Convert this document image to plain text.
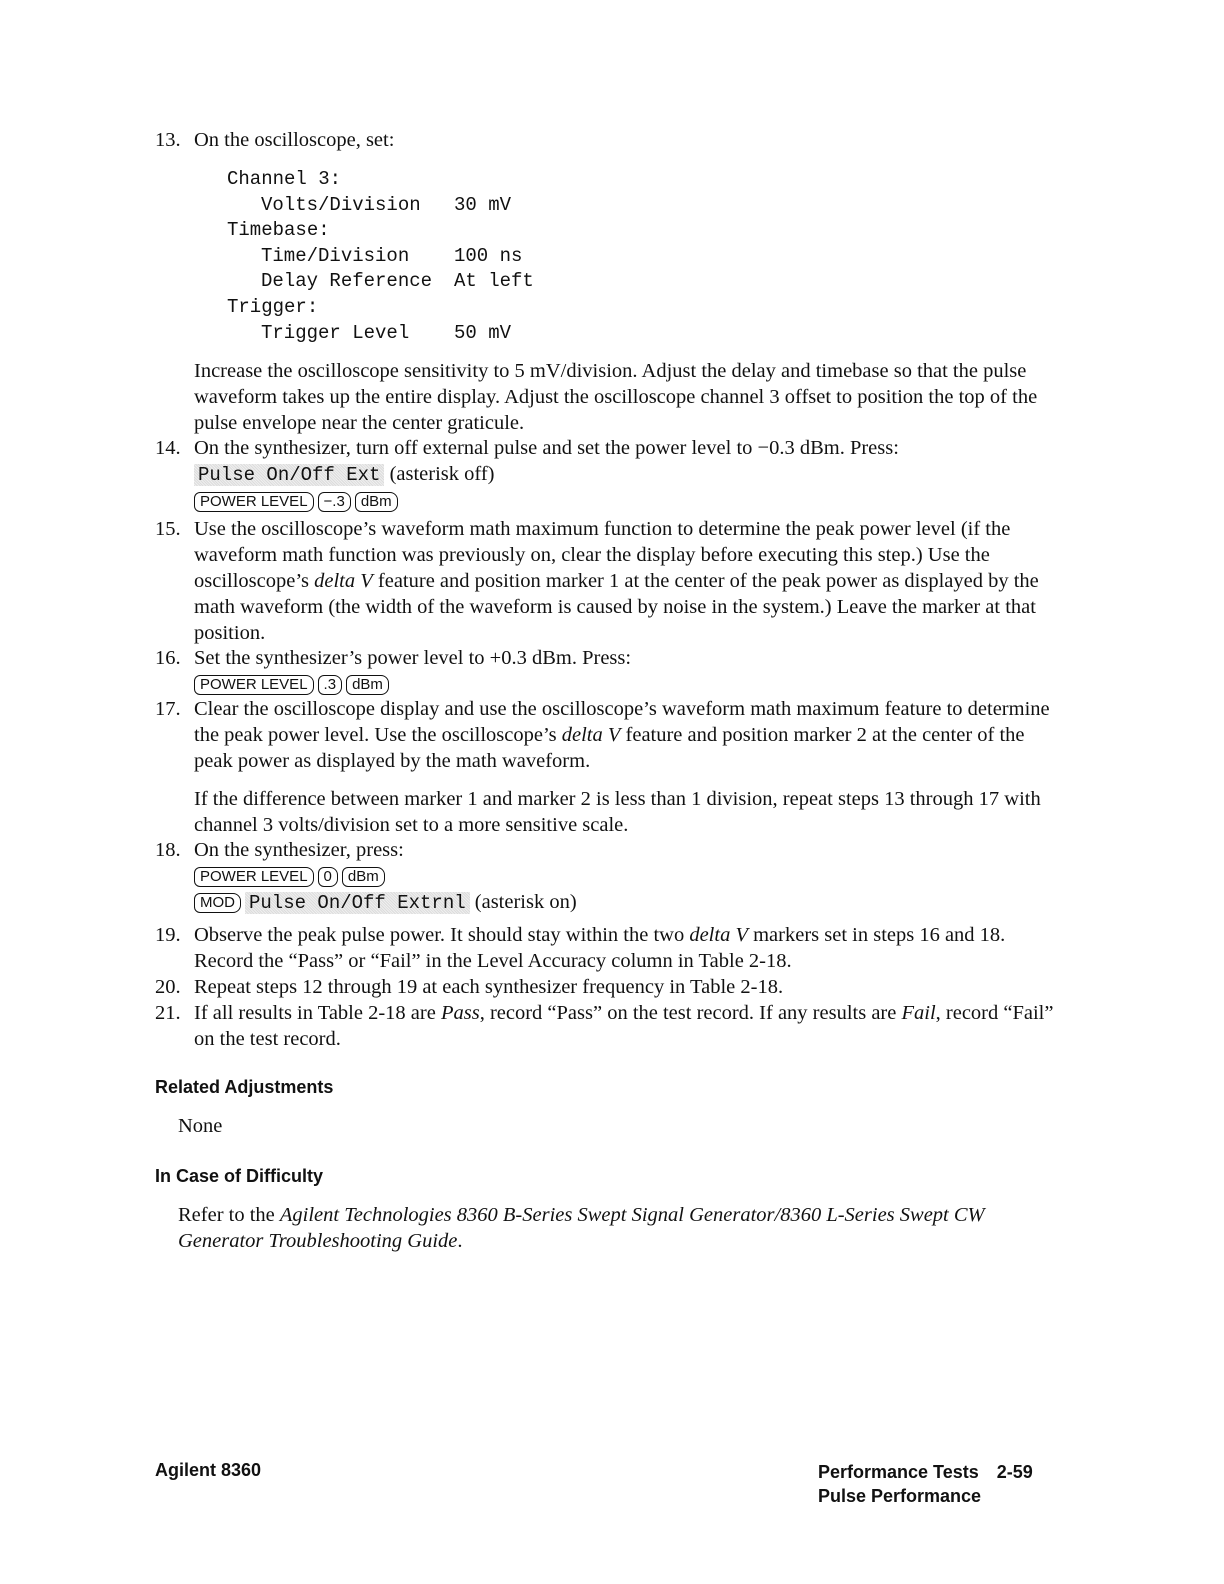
13. On the oscilloscope, set:

Channel 3:
Volts/Division 30 mV
Timebase:
Time/Division 100 ns
Delay Reference At left
Trigger:
Trigger Level 50 mV

Increase the oscilloscope sensitivity to 5 mV/division. Adjust the delay and timebase so that the pulse waveform takes up the entire display. Adjust the oscilloscope channel 3 offset to position the top of the pulse envelope near the center graticule.

14. On the synthesizer, turn off external pulse and set the power level to −0.3 dBm. Press:

Pulse On/Off Ext (asterisk off)

POWER LEVEL −.3 dBm

15. Use the oscilloscope’s waveform math maximum function to determine the peak power level (if the waveform math function was previously on, clear the display before executing this step.) Use the oscilloscope’s delta V feature and position marker 1 at the center of the peak power as displayed by the math waveform (the width of the waveform is caused by noise in the system.) Leave the marker at that position.

16. Set the synthesizer’s power level to +0.3 dBm. Press:

POWER LEVEL .3 dBm

17. Clear the oscilloscope display and use the oscilloscope’s waveform math maximum feature to determine the peak power level. Use the oscilloscope’s delta V feature and position marker 2 at the center of the peak power as displayed by the math waveform.

If the difference between marker 1 and marker 2 is less than 1 division, repeat steps 13 through 17 with channel 3 volts/division set to a more sensitive scale.

18. On the synthesizer, press:

POWER LEVEL 0 dBm

MOD Pulse On/Off Extrnl (asterisk on)

19. Observe the peak pulse power. It should stay within the two delta V markers set in steps 16 and 18. Record the “Pass” or “Fail” in the Level Accuracy column in Table 2-18.

20. Repeat steps 12 through 19 at each synthesizer frequency in Table 2-18.

21. If all results in Table 2-18 are Pass, record “Pass” on the test record. If any results are Fail, record “Fail” on the test record.

Related Adjustments
None
In Case of Difficulty
Refer to the Agilent Technologies 8360 B-Series Swept Signal Generator/8360 L-Series Swept CW Generator Troubleshooting Guide.
Agilent 8360	Performance Tests 2-59
Pulse Performance
